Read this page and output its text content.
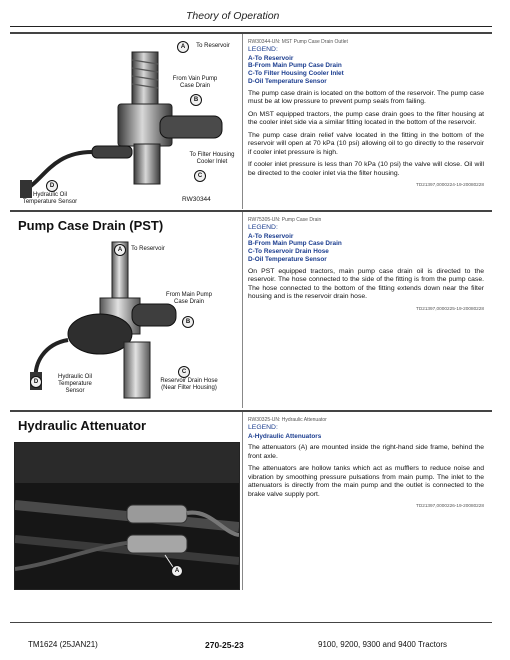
Theory of Operation
A	To Reservoir
B
From Vain Pump Case Drain
C
To Filter Housing Cooler Inlet
D
Hydraulic Oil Temperature Sensor	RW30344
RW30344-UN: MST Pump Case Drain Outlet
LEGEND:
A-To Reservoir
B-From Main Pump Case Drain
C-To Filter Housing Cooler Inlet
D-Oil Temperature Sensor

The pump case drain is located on the bottom of the reservoir. The pump case must be at low pressure to prevent pump seals from failing.

On MST equipped tractors, the pump case drain goes to the filter housing at the cooler inlet side via a similar fitting located in the bottom of the reservoir.

The pump case drain relief valve located in the fitting in the bottom of the reservoir will open at 70 kPa (10 psi) allowing oil to go directly to the reservoir if cooler inlet pressure is high.

If cooler inlet pressure is less than 70 kPa (10 psi) the valve will close. Oil will be directed to the cooler inlet via the filter housing.

TD21397,0000224-19-20080228
Pump Case Drain (PST)
A	To Reservoir
From Main Pump Case Drain
B
C
Reservoir Drain Hose (Near Filter Housing)
D
Hydraulic Oil Temperature Sensor
RW75305-UN: Pump Case Drain
LEGEND:
A-To Reservoir
B-From Main Pump Case Drain
C-To Reservoir Drain Hose
D-Oil Temperature Sensor

On PST equipped tractors, main pump case drain oil is directed to the reservoir. The hose connected to the side of the fitting is from the pump case. The hose connected to the bottom of the fitting extends down near the filter housing and is the reservoir drain hose.

TD21397,0000225-19-20080228
Hydraulic Attenuator
A
RW30325-UN: Hydraulic Attenuator
LEGEND:
A-Hydraulic Attenuators

The attenuators (A) are mounted inside the right-hand side frame, behind the front axle.

The attenuators are hollow tanks which act as mufflers to reduce noise and vibration by smoothing pressure pulsations from main pump. The inlet to the attenuators is directly from the main pump and the outlet is connected to the brake valve supply port.

TD21397,0000226-19-20080228
TM1624 (25JAN21)	270-25-23	9100, 9200, 9300 and 9400 Tractors
